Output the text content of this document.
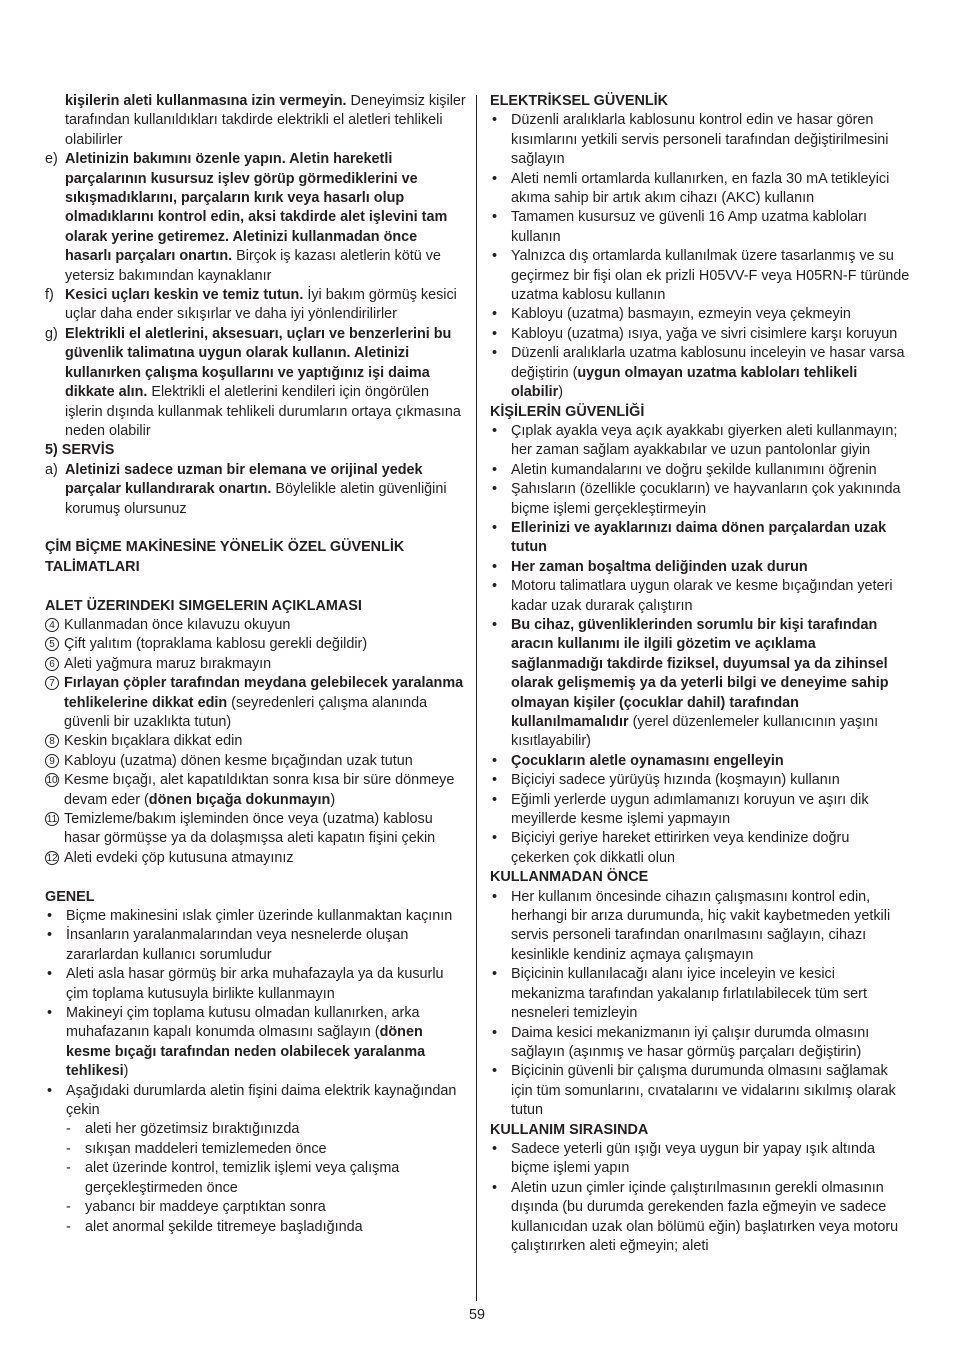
kişilerin aleti kullanmasına izin vermeyin. Deneyimsiz kişiler tarafından kullanıldıkları takdirde elektrikli el aletleri tehlikeli olabilirler

e) Aletinizin bakımını özenle yapın. Aletin hareketli parçalarının kusursuz işlev görüp görmediklerini ve sıkışmadıklarını, parçaların kırık veya hasarlı olup olmadıklarını kontrol edin, aksi takdirde alet işlevini tam olarak yerine getiremez. Aletinizi kullanmadan önce hasarlı parçaları onartın. Birçok iş kazası aletlerin kötü ve yetersiz bakımından kaynaklanır
f) Kesici uçları keskin ve temiz tutun. İyi bakım görmüş kesici uçlar daha ender sıkışırlar ve daha iyi yönlendirilirler
g) Elektrikli el aletlerini, aksesuarı, uçları ve benzerlerini bu güvenlik talimatına uygun olarak kullanın. Aletinizi kullanırken çalışma koşullarını ve yaptığınız işi daima dikkate alın. Elektrikli el aletlerini kendileri için öngörülen işlerin dışında kullanmak tehlikeli durumların ortaya çıkmasına neden olabilir

5) SERVİS

a) Aletinizi sadece uzman bir elemana ve orijinal yedek parçalar kullandırarak onartın. Böylelikle aletin güvenliğini korumuş olursunuz

ÇİM BİÇME MAKİNESİNE YÖNELİK ÖZEL GÜVENLİK TALİMATLARI

ALET ÜZERINDEKI SIMGELERIN AÇIKLAMASI

4 Kullanmadan önce kılavuzu okuyun
5 Çift yalıtım (topraklama kablosu gerekli değildir)
6 Aleti yağmura maruz bırakmayın
7 Fırlayan çöpler tarafından meydana gelebilecek yaralanma tehlikelerine dikkat edin (seyredenleri çalışma alanında güvenli bir uzaklıkta tutun)
8 Keskin bıçaklara dikkat edin
9 Kabloyu (uzatma) dönen kesme bıçağından uzak tutun
10 Kesme bıçağı, alet kapatıldıktan sonra kısa bir süre dönmeye devam eder (dönen bıçağa dokunmayın)
11 Temizleme/bakım işleminden önce veya (uzatma) kablosu hasar görmüşse ya da dolaşmışsa aleti kapatın fişini çekin
12 Aleti evdeki çöp kutusuna atmayınız

GENEL

• Biçme makinesini ıslak çimler üzerinde kullanmaktan kaçının
• İnsanların yaralanmalarından veya nesnelerde oluşan zararlardan kullanıcı sorumludur
• Aleti asla hasar görmüş bir arka muhafazayla ya da kusurlu çim toplama kutusuyla birlikte kullanmayın
• Makineyi çim toplama kutusu olmadan kullanırken, arka muhafazanın kapalı konumda olmasını sağlayın (dönen kesme bıçağı tarafından neden olabilecek yaralanma tehlikesi)
• Aşağıdaki durumlarda aletin fişini daima elektrik kaynağından çekin
- aleti her gözetimsiz bıraktığınızda
- sıkışan maddeleri temizlemeden önce
- alet üzerinde kontrol, temizlik işlemi veya çalışma gerçekleştirmeden önce
- yabancı bir maddeye çarptıktan sonra
- alet anormal şekilde titremeye başladığında

ELEKTRİKSEL GÜVENLİK

• Düzenli aralıklarla kablosunu kontrol edin ve hasar gören kısımlarını yetkili servis personeli tarafından değiştirilmesini sağlayın
• Aleti nemli ortamlarda kullanırken, en fazla 30 mA tetikleyici akıma sahip bir artık akım cihazı (AKC) kullanın
• Tamamen kusursuz ve güvenli 16 Amp uzatma kabloları kullanın
• Yalnızca dış ortamlarda kullanılmak üzere tasarlanmış ve su geçirmez bir fişi olan ek prizli H05VV-F veya H05RN-F türünde uzatma kablosu kullanın
• Kabloyu (uzatma) basmayın, ezmeyin veya çekmeyin
• Kabloyu (uzatma) ısıya, yağa ve sivri cisimlere karşı koruyun
• Düzenli aralıklarla uzatma kablosunu inceleyin ve hasar varsa değiştirin (uygun olmayan uzatma kabloları tehlikeli olabilir)

KİŞİLERİN GÜVENLİĞİ

• Çıplak ayakla veya açık ayakkabı giyerken aleti kullanmayın; her zaman sağlam ayakkabılar ve uzun pantolonlar giyin
• Aletin kumandalarını ve doğru şekilde kullanımını öğrenin
• Şahısların (özellikle çocukların) ve hayvanların çok yakınında biçme işlemi gerçekleştirmeyin
• Ellerinizi ve ayaklarınızı daima dönen parçalardan uzak tutun
• Her zaman boşaltma deliğinden uzak durun
• Motoru talimatlara uygun olarak ve kesme bıçağından yeteri kadar uzak durarak çalıştırın
• Bu cihaz, güvenliklerinden sorumlu bir kişi tarafından aracın kullanımı ile ilgili gözetim ve açıklama sağlanmadığı takdirde fiziksel, duyumsal ya da zihinsel olarak gelişmemiş ya da yeterli bilgi ve deneyime sahip olmayan kişiler (çocuklar dahil) tarafından kullanılmamalıdır (yerel düzenlemeler kullanıcının yaşını kısıtlayabilir)
• Çocukların aletle oynamasını engelleyin
• Biçiciyi sadece yürüyüş hızında (koşmayın) kullanın
• Eğimli yerlerde uygun adımlamanızı koruyun ve aşırı dik meyillerde kesme işlemi yapmayın
• Biçiciyi geriye hareket ettirirken veya kendinize doğru çekerken çok dikkatli olun

KULLANMADAN ÖNCE

• Her kullanım öncesinde cihazın çalışmasını kontrol edin, herhangi bir arıza durumunda, hiç vakit kaybetmeden yetkili servis personeli tarafından onarılmasını sağlayın, cihazı kesinlikle kendiniz açmaya çalışmayın
• Biçicinin kullanılacağı alanı iyice inceleyin ve kesici mekanizma tarafından yakalanıp fırlatılabilecek tüm sert nesneleri temizleyin
• Daima kesici mekanizmanın iyi çalışır durumda olmasını sağlayın (aşınmış ve hasar görmüş parçaları değiştirin)
• Biçicinin güvenli bir çalışma durumunda olmasını sağlamak için tüm somunlarını, cıvatalarını ve vidalarını sıkılmış olarak tutun

KULLANIM SIRASINDA

• Sadece yeterli gün ışığı veya uygun bir yapay ışık altında biçme işlemi yapın
• Aletin uzun çimler içinde çalıştırılmasının gerekli olmasının dışında (bu durumda gerekenden fazla eğmeyin ve sadece kullanıcıdan uzak olan bölümü eğin) başlatırken veya motoru çalıştırırken aleti eğmeyin; aleti
59
